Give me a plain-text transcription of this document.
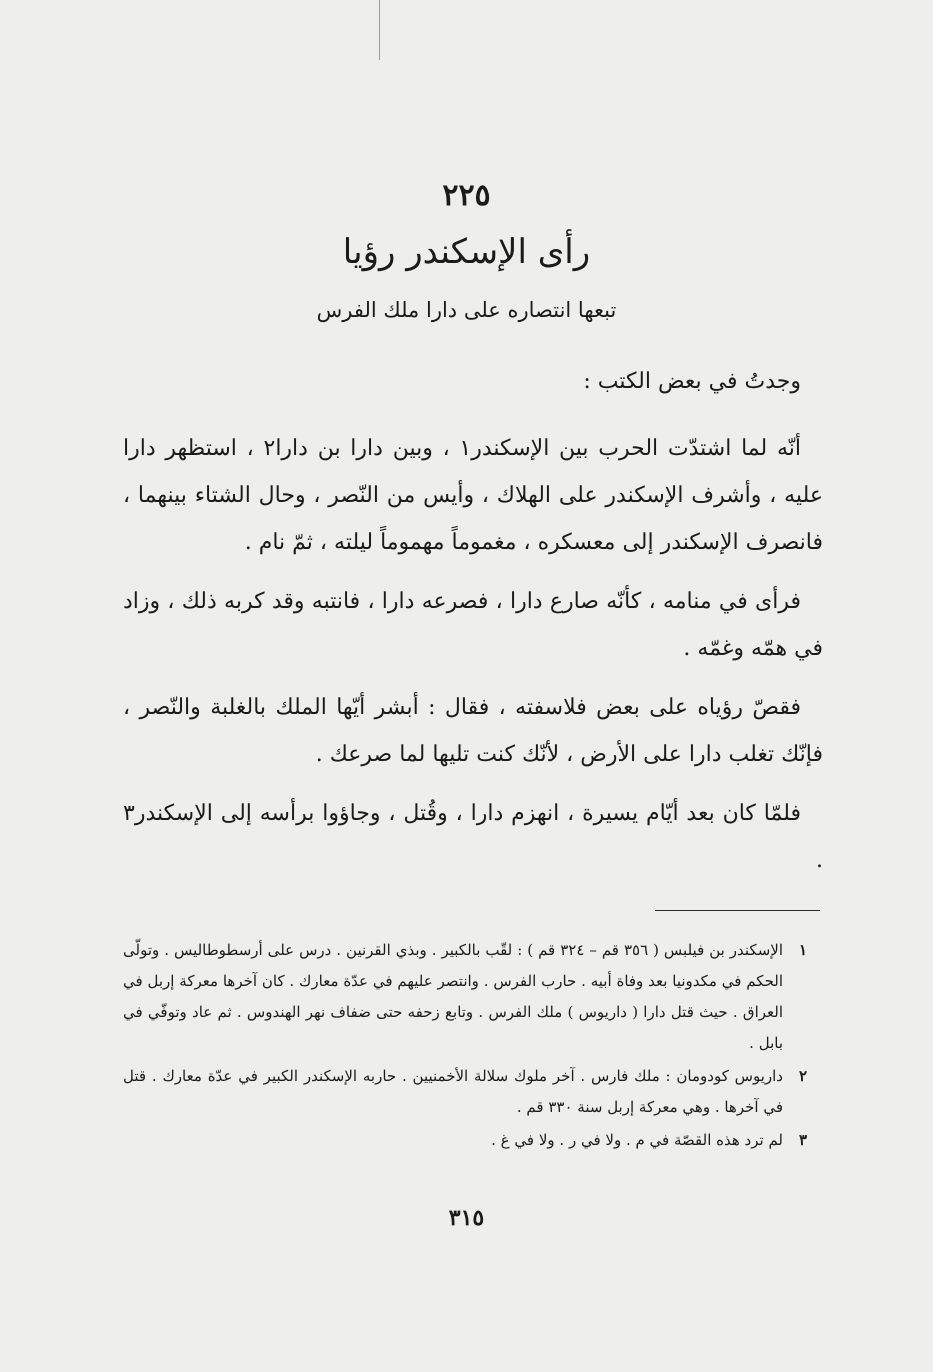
٢٢٥
رأى الإسكندر رؤيا
تبعها انتصاره على دارا ملك الفرس

وجدتُ في بعض الكتب :

أنّه لما اشتدّت الحرب بين الإسكندر١ ، وبين دارا بن دارا٢ ، استظهر دارا عليه ، وأشرف الإسكندر على الهلاك ، وأيس من النّصر ، وحال الشتاء بينهما ، فانصرف الإسكندر إلى معسكره ، مغموماً مهموماً ليلته ، ثمّ نام .

فرأى في منامه ، كأنّه صارع دارا ، فصرعه دارا ، فانتبه وقد كربه ذلك ، وزاد في همّه وغمّه .

فقصّ رؤياه على بعض فلاسفته ، فقال : أبشر أيّها الملك بالغلبة والنّصر ، فإنّك تغلب دارا على الأرض ، لأنّك كنت تليها لما صرعك .

فلمّا كان بعد أيّام يسيرة ، انهزم دارا ، وقُتل ، وجاؤوا برأسه إلى الإسكندر٣ .

١
الإسكندر بن فيلبس ( ٣٥٦ قم – ٣٢٤ قم ) : لقّب بالكبير . وبذي القرنين . درس على أرسطوطاليس . وتولّى الحكم في مكدونيا بعد وفاة أبيه . حارب الفرس . وانتصر عليهم في عدّة معارك . كان آخرها معركة إربل في العراق . حيث قتل دارا ( داريوس ) ملك الفرس . وتابع زحفه حتى ضفاف نهر الهندوس . ثم عاد وتوفّي في بابل .
٢
داريوس كودومان : ملك فارس . آخر ملوك سلالة الأخمنيين . حاربه الإسكندر الكبير في عدّة معارك . قتل في آخرها . وهي معركة إربل سنة ٣٣٠ قم .
٣
لم ترد هذه القصّة في م . ولا في ر . ولا في غ .
٣١٥
